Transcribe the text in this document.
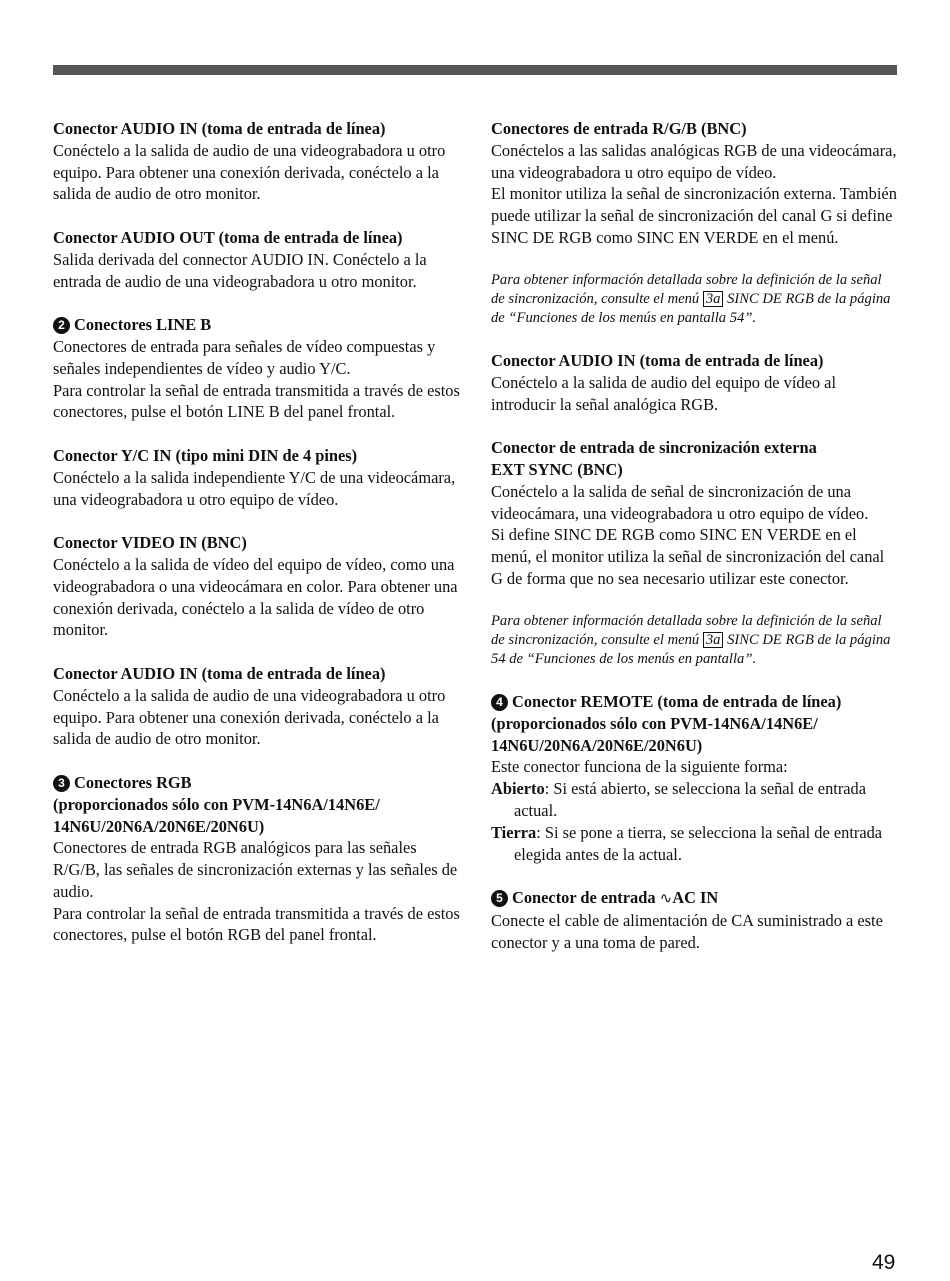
Conector AUDIO IN (toma de entrada de línea)

Conéctelo a la salida de audio de una videograbadora u otro equipo. Para obtener una conexión derivada, conéctelo a la salida de audio de otro monitor.

Conector AUDIO OUT (toma de entrada de línea)

Salida derivada del connector AUDIO IN. Conéctelo a la entrada de audio de una videograbadora u otro monitor.

2 Conectores LINE B

Conectores de entrada para señales de vídeo compuestas y señales independientes de vídeo y audio Y/C.

Para controlar la señal de entrada transmitida a través de estos conectores, pulse el botón LINE B del panel frontal.

Conector Y/C IN (tipo mini DIN de 4 pines)

Conéctelo a la salida independiente Y/C de una videocámara, una videograbadora u otro equipo de vídeo.

Conector VIDEO IN (BNC)

Conéctelo a la salida de vídeo del equipo de vídeo, como una videograbadora o una videocámara en color. Para obtener una conexión derivada, conéctelo a la salida de vídeo de otro monitor.

Conector AUDIO IN (toma de entrada de línea)

Conéctelo a la salida de audio de una videograbadora u otro equipo. Para obtener una conexión derivada, conéctelo a la salida de audio de otro monitor.

3 Conectores RGB
(proporcionados sólo con PVM-14N6A/14N6E/
14N6U/20N6A/20N6E/20N6U)

Conectores de entrada RGB analógicos para las señales R/G/B, las señales de sincronización externas y las señales de audio.

Para controlar la señal de entrada transmitida a través de estos conectores, pulse el botón RGB del panel frontal.

Conectores de entrada R/G/B (BNC)

Conéctelos a las salidas analógicas RGB de una videocámara, una videograbadora u otro equipo de vídeo.

El monitor utiliza la señal de sincronización externa. También puede utilizar la señal de sincronización del canal G si define SINC DE RGB como SINC EN VERDE en el menú.

Para obtener información detallada sobre la definición de la señal de sincronización, consulte el menú 3a SINC DE RGB de la página de “Funciones de los menús en pantalla 54”.
Conector AUDIO IN (toma de entrada de línea)

Conéctelo a la salida de audio del equipo de vídeo al introducir la señal analógica RGB.

Conector de entrada de sincronización externa
EXT SYNC (BNC)

Conéctelo a la salida de señal de sincronización de una videocámara, una videograbadora u otro equipo de vídeo.

Si define SINC DE RGB como SINC EN VERDE en el menú, el monitor utiliza la señal de sincronización del canal G de forma que no sea necesario utilizar este conector.

Para obtener información detallada sobre la definición de la señal de sincronización, consulte el menú 3a SINC DE RGB de la página 54 de “Funciones de los menús en pantalla”.
4 Conector REMOTE (toma de entrada de línea)
(proporcionados sólo con PVM-14N6A/14N6E/
14N6U/20N6A/20N6E/20N6U)

Este conector funciona de la siguiente forma:

Abierto: Si está abierto, se selecciona la señal de entrada actual.
Tierra: Si se pone a tierra, se selecciona la señal de entrada elegida antes de la actual.
5 Conector de entrada ∿AC IN

Conecte el cable de alimentación de CA suministrado a este conector y a una toma de pared.

49
